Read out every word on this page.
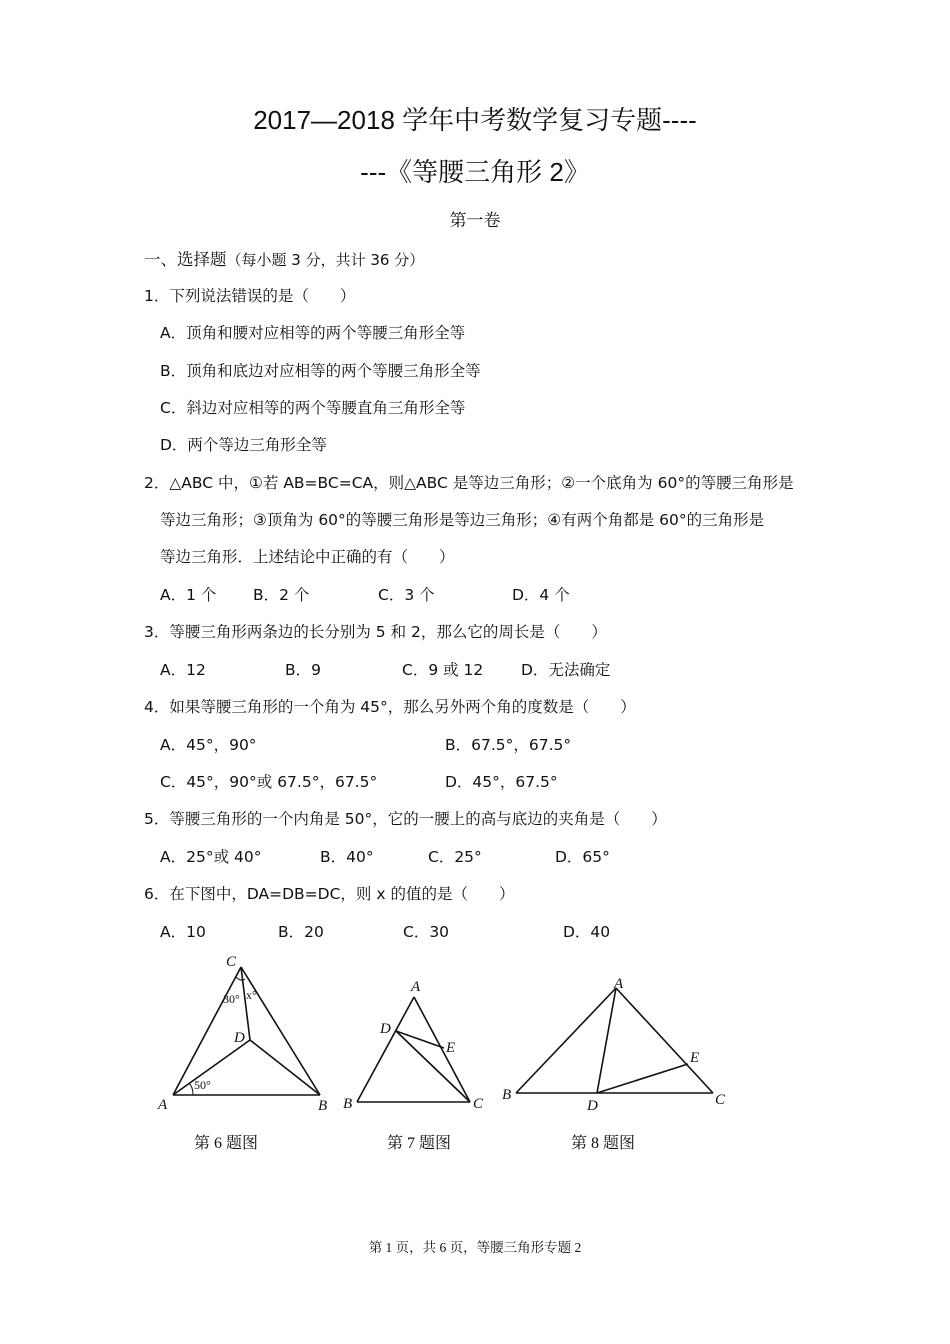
2017—2018 学年中考数学复习专题----
---《等腰三角形 2》
第一卷
一、选择题（每小题 3 分，共计 36 分）
1．下列说法错误的是（　　）
A．顶角和腰对应相等的两个等腰三角形全等
B．顶角和底边对应相等的两个等腰三角形全等
C．斜边对应相等的两个等腰直角三角形全等
D．两个等边三角形全等
2．△ABC 中，①若 AB=BC=CA，则△ABC 是等边三角形；②一个底角为 60°的等腰三角形是
等边三角形；③顶角为 60°的等腰三角形是等边三角形；④有两个角都是 60°的三角形是
等边三角形．上述结论中正确的有（　　）
A．1 个 B．2 个	C．3 个	D．4 个
3．等腰三角形两条边的长分别为 5 和 2，那么它的周长是（　　）
A．12	B．9	C．9 或 12 D．无法确定
4．如果等腰三角形的一个角为 45°，那么另外两个角的度数是（　　）
A．45°，90°	B．67.5°，67.5°
C．45°，90°或 67.5°，67.5°	D．45°，67.5°
5．等腰三角形的一个内角是 50°，它的一腰上的高与底边的夹角是（　　）
A．25°或 40°	B．40°	C．25°	D．65°
6．在下图中，DA=DB=DC，则 x 的值的是（　　）
A．10	B．20	C．30	D．40
C
A	B
D
30° x°
50°
A
D
E
B	C
A
B
D
E
C
第 6 题图	第 7 题图	第 8 题图
第 1 页，共 6 页，等腰三角形专题 2
